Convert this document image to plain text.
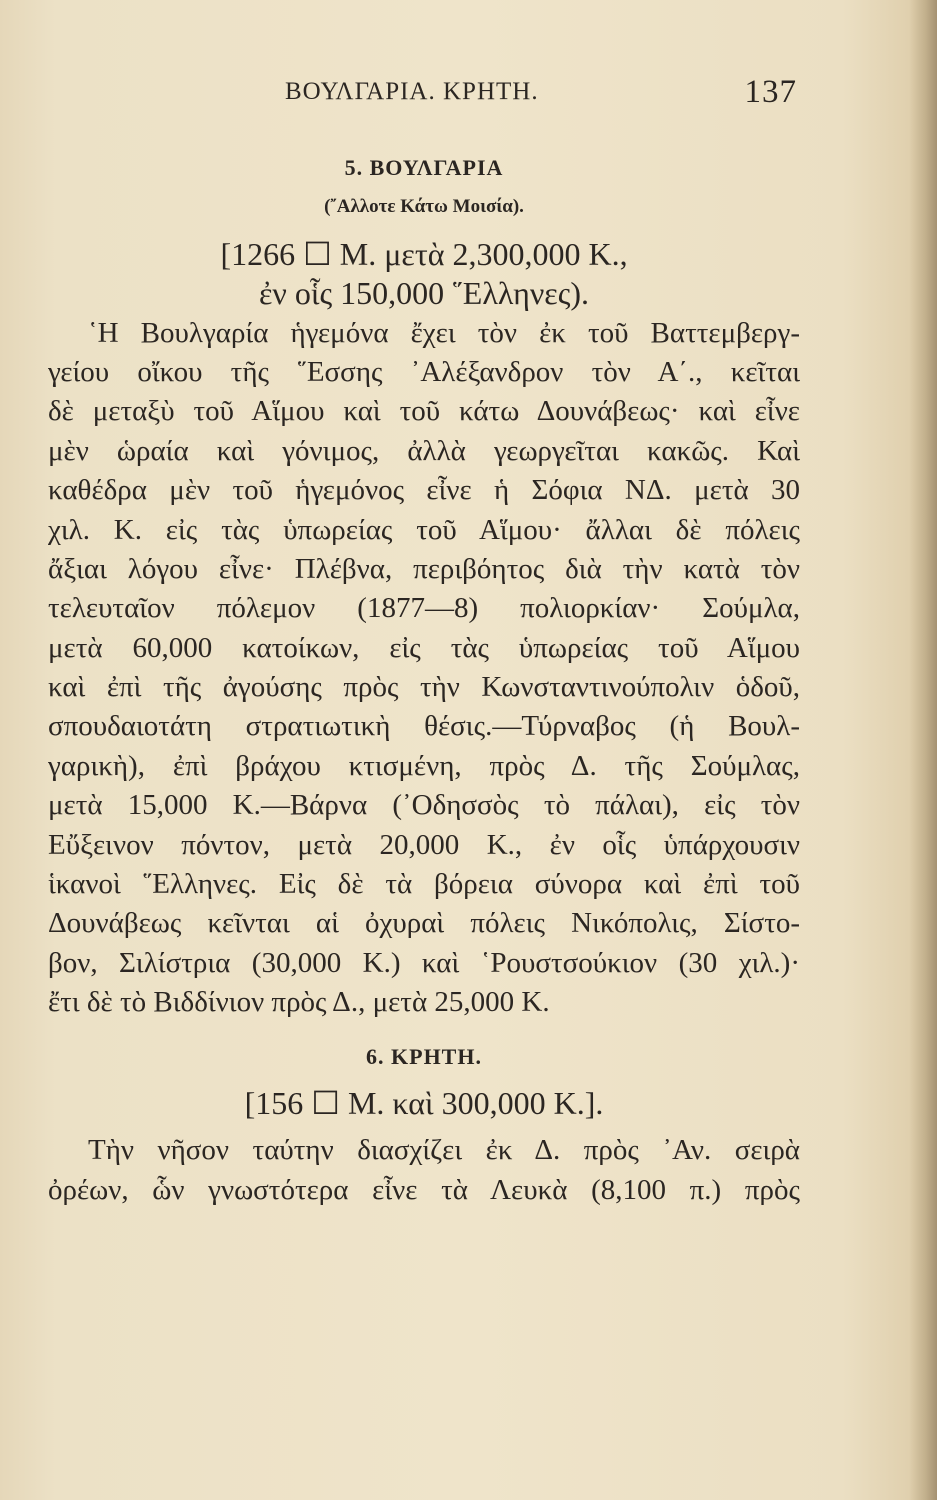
ΒΟΥΛΓΑΡΙΑ. ΚΡΗΤΗ.	137
5. ΒΟΥΛΓΑΡΙΑ
(῎Αλλοτε Κάτω Μοισία).
[1266 ☐ Μ. μετὰ 2,300,000 Κ.,
ἐν οἷς 150,000 ῞Ελληνες).
῾Η Βουλγαρία ἡγεμόνα ἔχει τὸν ἐκ τοῦ Βαττεμβεργ-
γείου οἴκου τῆς ῞Εσσης ᾿Αλέξανδρον τὸν Α΄., κεῖται
δὲ μεταξὺ τοῦ Αἵμου καὶ τοῦ κάτω Δουνάβεως· καὶ εἶνε
μὲν ὡραία καὶ γόνιμος, ἀλλὰ γεωργεῖται κακῶς. Καὶ
καθέδρα μὲν τοῦ ἡγεμόνος εἶνε ἡ Σόφια ΝΔ. μετὰ 30
χιλ. Κ. εἰς τὰς ὑπωρείας τοῦ Αἵμου· ἄλλαι δὲ πόλεις
ἄξιαι λόγου εἶνε· Πλέβνα, περιβόητος διὰ τὴν κατὰ τὸν
τελευταῖον πόλεμον (1877—8) πολιορκίαν· Σούμλα,
μετὰ 60,000 κατοίκων, εἰς τὰς ὑπωρείας τοῦ Αἵμου
καὶ ἐπὶ τῆς ἀγούσης πρὸς τὴν Κωνσταντινούπολιν ὁδοῦ,
σπουδαιοτάτη στρατιωτικὴ θέσις.—Τύρναβος (ἡ Βουλ-
γαρικὴ), ἐπὶ βράχου κτισμένη, πρὸς Δ. τῆς Σούμλας,
μετὰ 15,000 Κ.—Βάρνα (᾿Οδησσὸς τὸ πάλαι), εἰς τὸν
Εὔξεινον πόντον, μετὰ 20,000 Κ., ἐν οἷς ὑπάρχουσιν
ἱκανοὶ ῞Ελληνες. Εἰς δὲ τὰ βόρεια σύνορα καὶ ἐπὶ τοῦ
Δουνάβεως κεῖνται αἱ ὀχυραὶ πόλεις Νικόπολις, Σίστο-
βον, Σιλίστρια (30,000 Κ.) καὶ ῾Ρουστσούκιον (30 χιλ.)·
ἔτι δὲ τὸ Βιδδίνιον πρὸς Δ., μετὰ 25,000 Κ.
6. ΚΡΗΤΗ.
[156 ☐ Μ. καὶ 300,000 Κ.].
Τὴν νῆσον ταύτην διασχίζει ἐκ Δ. πρὸς ᾿Αν. σειρὰ
ὀρέων, ὧν γνωστότερα εἶνε τὰ Λευκὰ (8,100 π.) πρὸς
